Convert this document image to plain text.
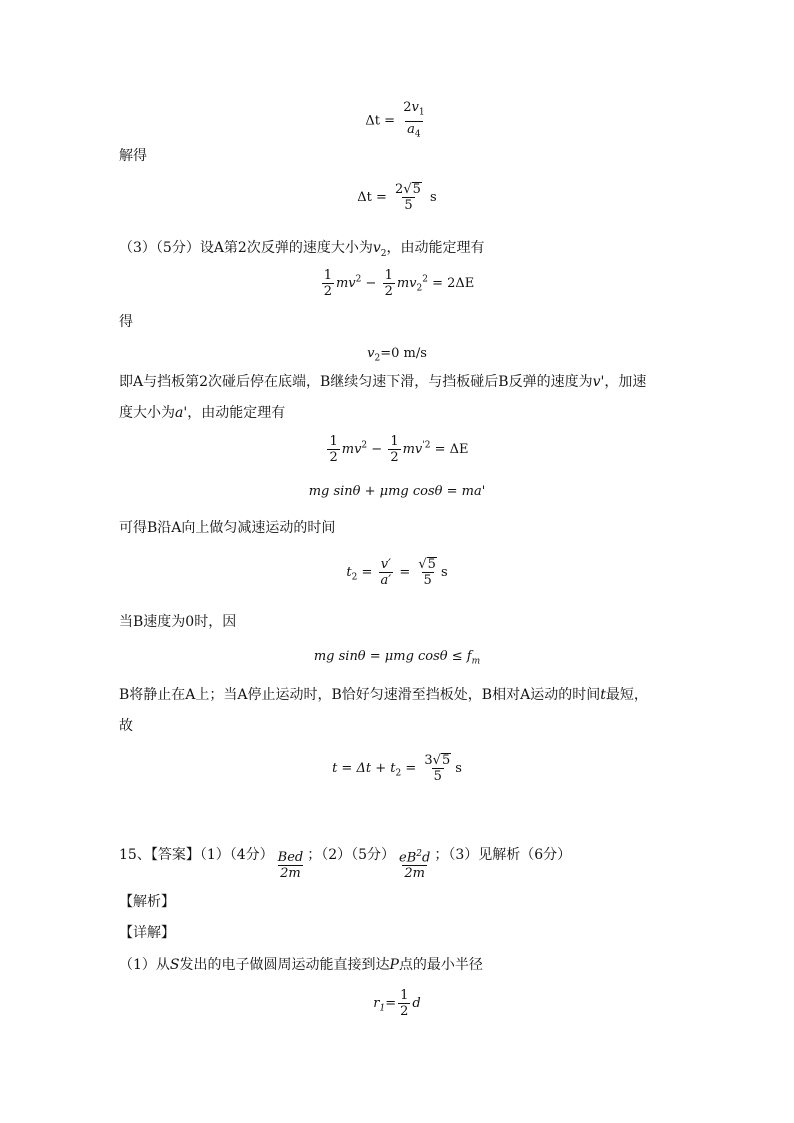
$\Delta t = \frac{2v_1}{a_4}$
解得
$\Delta t = \frac{2√5}{5}$ s
（3）（5分）设A第2次反弹的速度大小为$v_2$，由动能定理有
$\frac{1}{2} mv^2 - \frac{1}{2} mv_2^2 = 2\Delta E$
得
$v_2=0$ m/s
即A与挡板第2次碰后停在底端，B继续匀速下滑，与挡板碰后B反弹的速度为v'，加速
度大小为a'，由动能定理有
$\frac{1}{2} mv^2 - \frac{1}{2} mv^{'2} = \Delta E$
mg sinθ + μmg cosθ = ma'
可得B沿A向上做匀减速运动的时间
$t_2 = \frac{v'}{a'} = \frac{√5}{5}$ s
当B速度为0时，因
mg sinθ = μmg $\cos\theta \le f_m$
B将静止在A上；当A停止运动时，B恰好匀速滑至挡板处，B相对A运动的时间t最短，
故
$t = \Delta t + t_2 = \frac{3√5}{5}$ s
15、【答案】（1）（4分） $\frac{\text{Bed}}{2m}$ ；（2）（5分） $\frac{eB^2d}{2m}$ ；（3）见解析（6分）
【解析】
【详解】
（1）从S发出的电子做圆周运动能直接到达P点的最小半径
$r_1= \frac{1}{2}$ d
